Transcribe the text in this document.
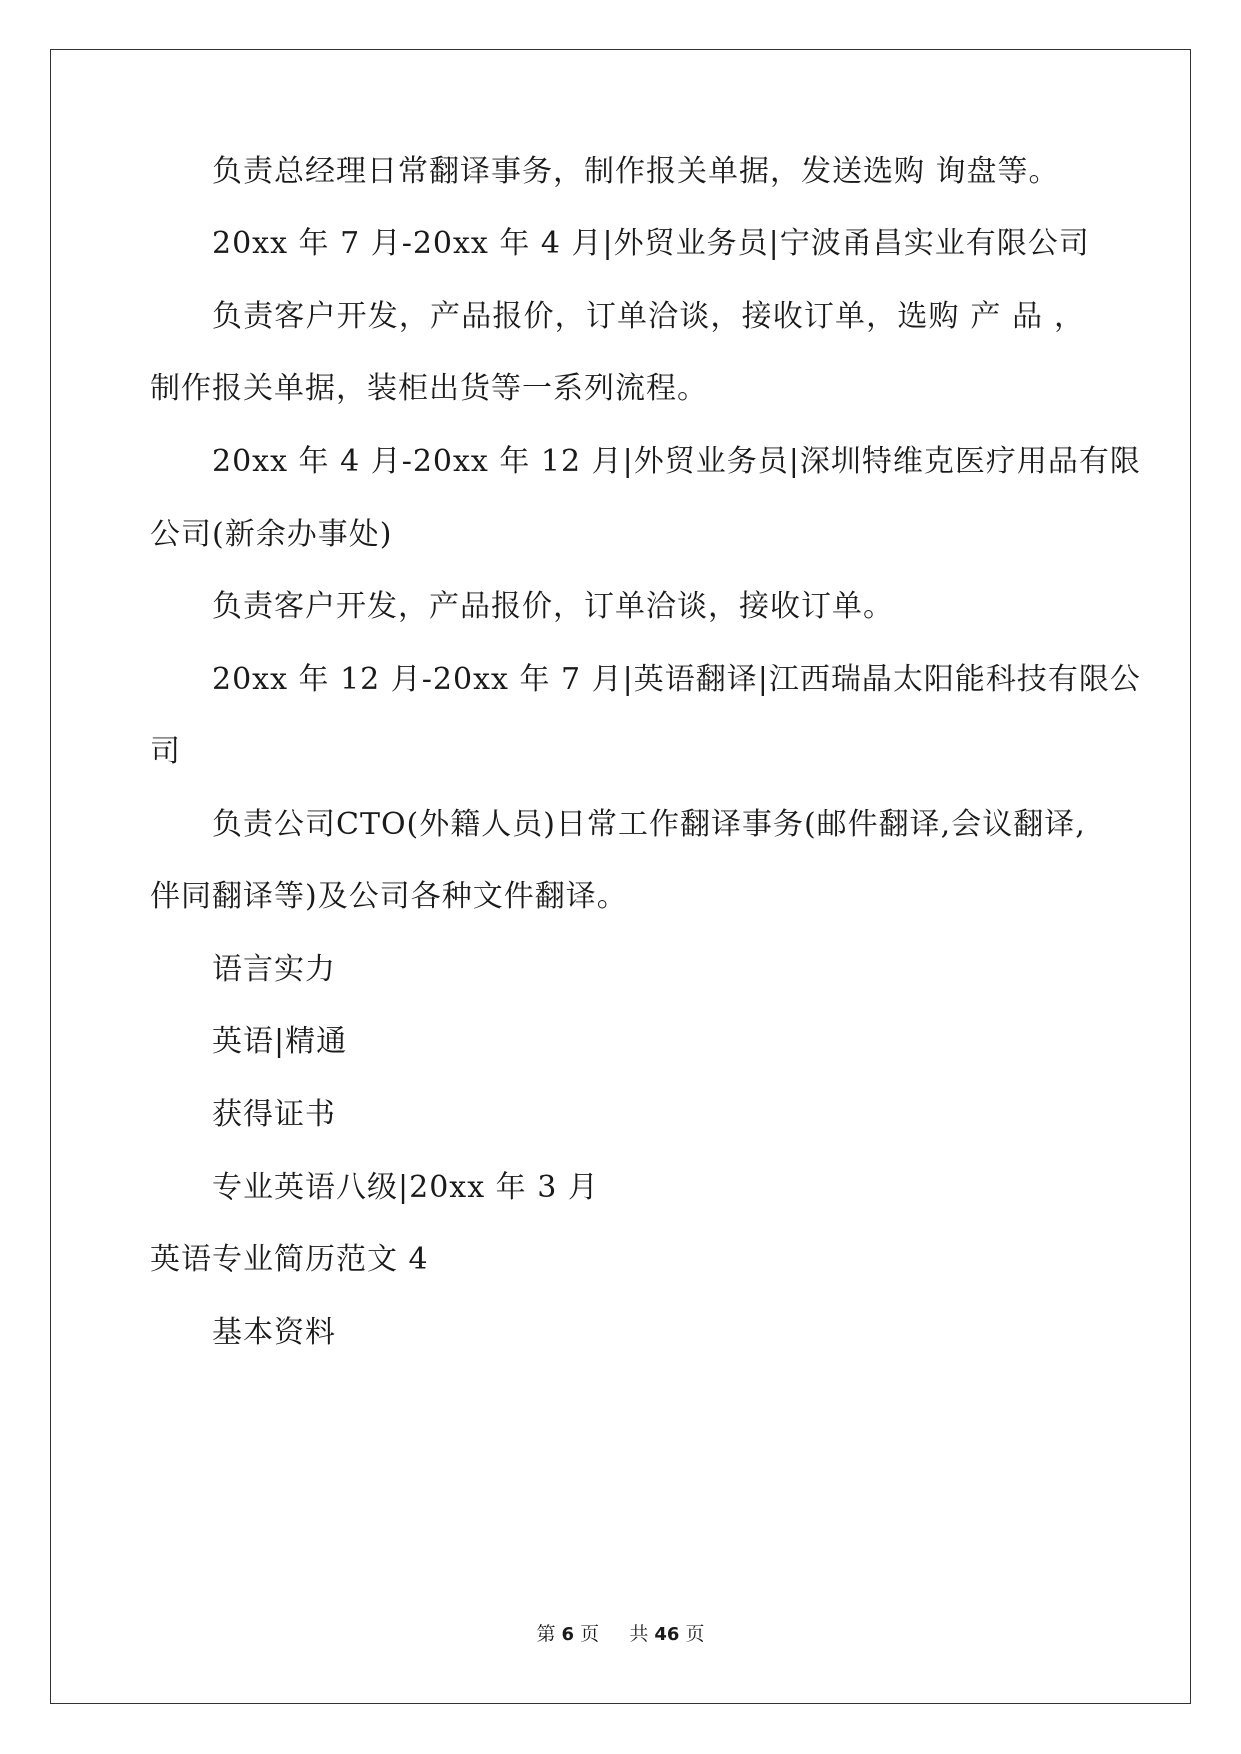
负责总经理日常翻译事务，制作报关单据，发送选购 询盘等。
20xx 年 7 月-20xx 年 4 月|外贸业务员|宁波甬昌实业有限公司
负责客户开发，产品报价，订单洽谈，接收订单，选购 产 品 ，
制作报关单据，装柜出货等一系列流程。
20xx 年 4 月-20xx 年 12 月|外贸业务员|深圳特维克医疗用品有限
公司(新余办事处)
负责客户开发，产品报价，订单洽谈，接收订单。
20xx 年 12 月-20xx 年 7 月|英语翻译|江西瑞晶太阳能科技有限公
司
负责公司CTO(外籍人员)日常工作翻译事务(邮件翻译,会议翻译,
伴同翻译等)及公司各种文件翻译。
语言实力
英语|精通
获得证书
专业英语八级|20xx 年 3 月
英语专业简历范文 4
基本资料
第 6 页 共 46 页
